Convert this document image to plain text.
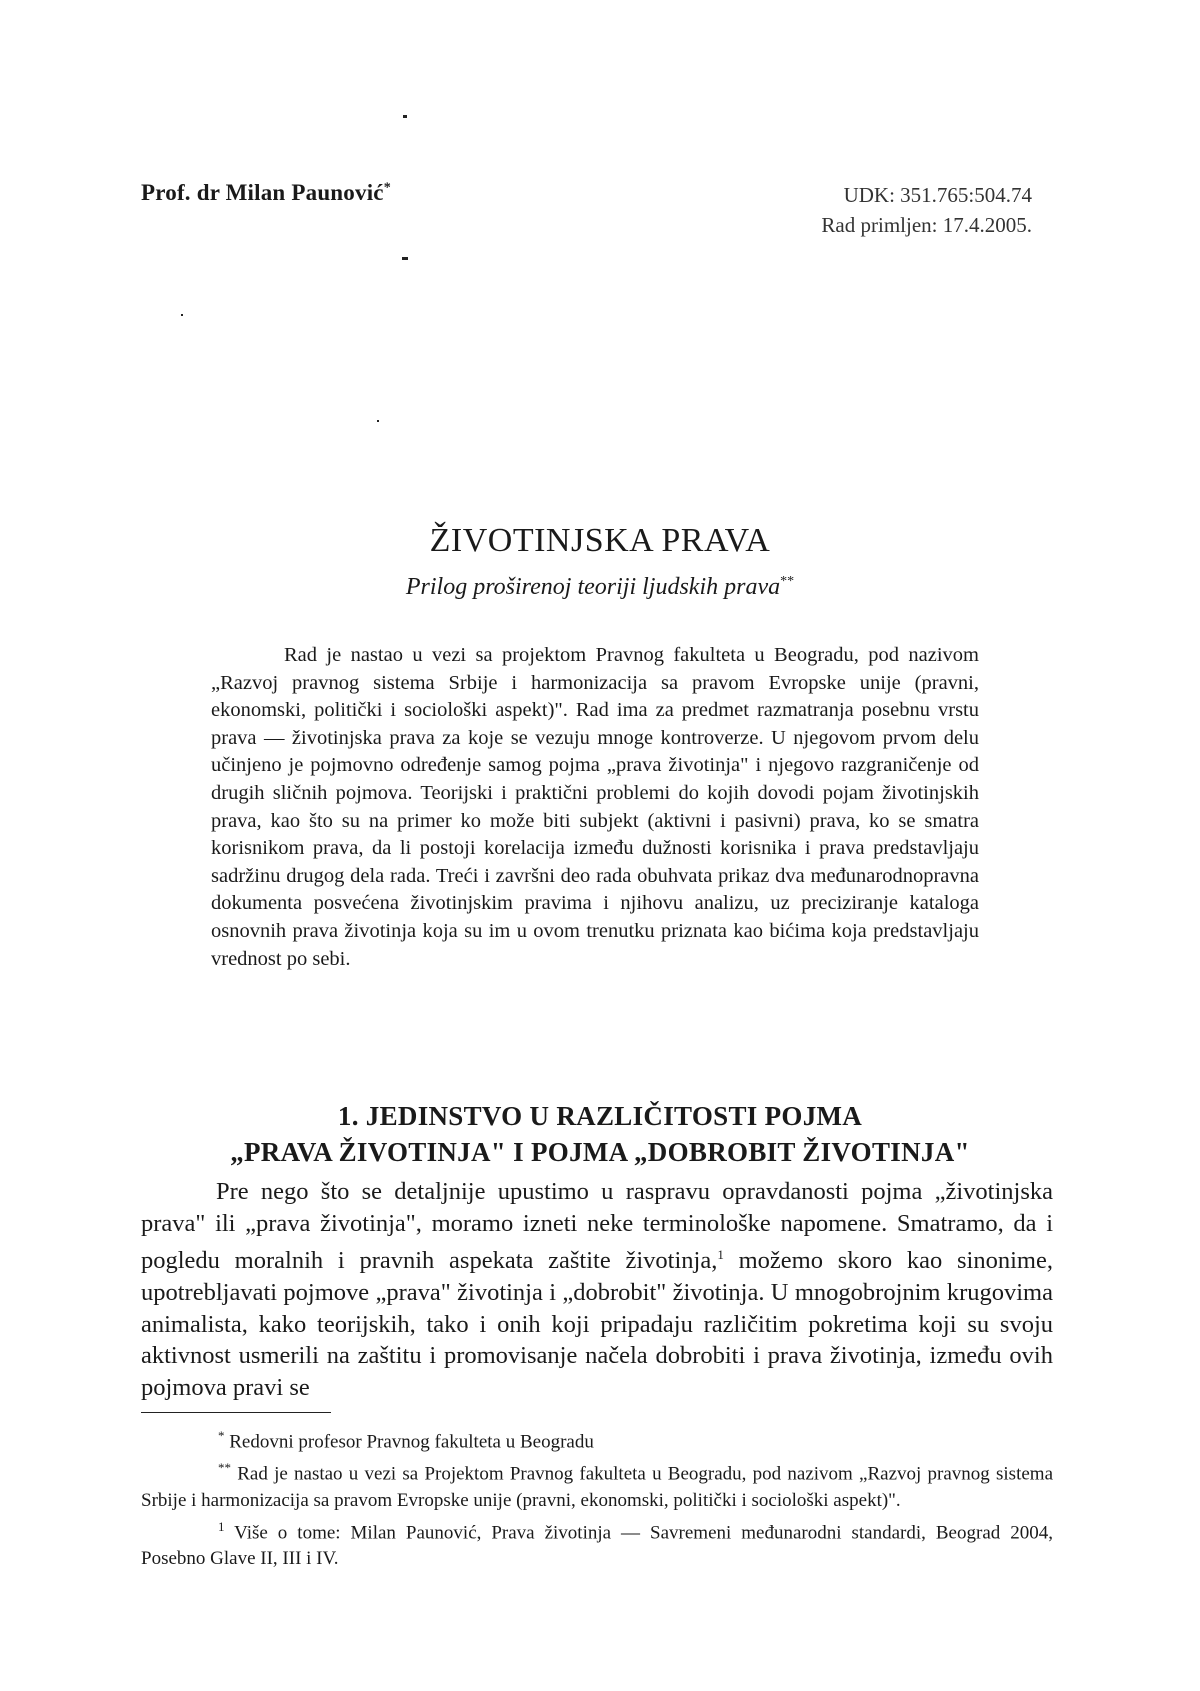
Prof. dr Milan Paunović*	UDK: 351.765:504.74
Rad primljen: 17.4.2005.
ŽIVOTINJSKA PRAVA
Prilog proširenoj teoriji ljudskih prava**

Rad je nastao u vezi sa projektom Pravnog fakulteta u Beogradu, pod nazivom „Razvoj pravnog sistema Srbije i harmonizacija sa pravom Evropske unije (pravni, ekonomski, politički i sociološki aspekt)". Rad ima za predmet razmatranja posebnu vrstu prava — životinjska prava za koje se vezuju mnoge kontroverze. U njegovom prvom delu učinjeno je pojmovno određenje samog pojma „prava životinja" i njegovo razgraničenje od drugih sličnih pojmova. Teorijski i praktični problemi do kojih dovodi pojam životinjskih prava, kao što su na primer ko može biti subjekt (aktivni i pasivni) prava, ko se smatra korisnikom prava, da li postoji korelacija između dužnosti korisnika i prava predstavljaju sadržinu drugog dela rada. Treći i završni deo rada obuhvata prikaz dva međunarodnopravna dokumenta posvećena životinjskim pravima i njihovu analizu, uz preciziranje kataloga osnovnih prava životinja koja su im u ovom trenutku priznata kao bićima koja predstavljaju vrednost po sebi.

1. JEDINSTVO U RAZLIČITOSTI POJMA
„PRAVA ŽIVOTINJA" I POJMA „DOBROBIT ŽIVOTINJA"

Pre nego što se detaljnije upustimo u raspravu opravdanosti pojma „životinjska prava" ili „prava životinja", moramo izneti neke terminološke napomene. Smatramo, da i pogledu moralnih i pravnih aspekata zaštite životinja,$^1$ možemo skoro kao sinonime, upotrebljavati pojmove „prava" životinja i „dobrobit" životinja. U mnogobrojnim krugovima animalista, kako teorijskih, tako i onih koji pripadaju različitim pokretima koji su svoju aktivnost usmerili na zaštitu i promovisanje načela dobrobiti i prava životinja, između ovih pojmova pravi se

* Redovni profesor Pravnog fakulteta u Beogradu

** Rad je nastao u vezi sa Projektom Pravnog fakulteta u Beogradu, pod nazivom „Razvoj pravnog sistema Srbije i harmonizacija sa pravom Evropske unije (pravni, ekonomski, politički i sociološki aspekt)".

$^1$ Više o tome: Milan Paunović, Prava životinja — Savremeni međunarodni standardi, Beograd 2004, Posebno Glave II, III i IV.
